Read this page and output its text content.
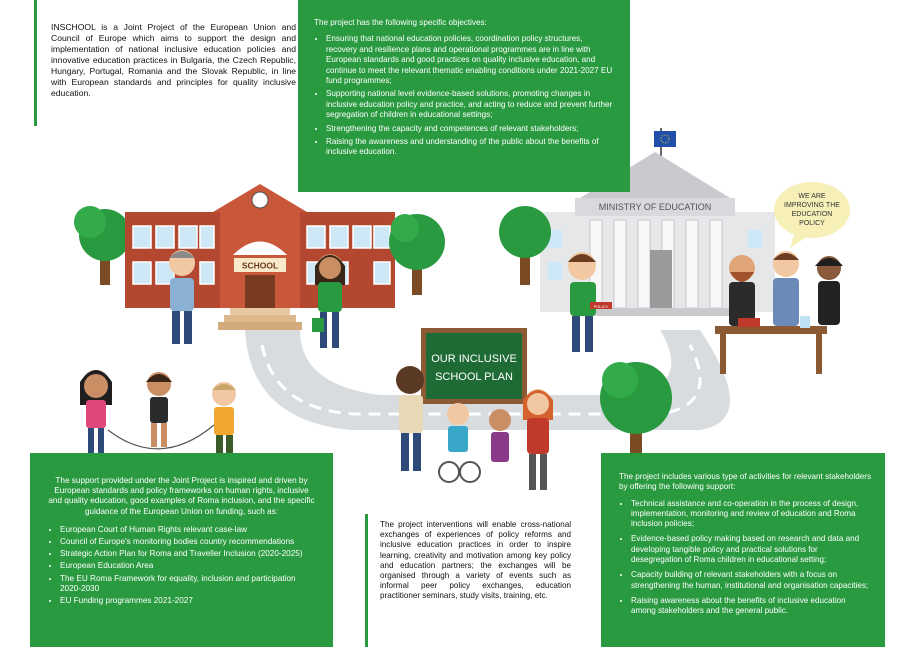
SCHOOL
MINISTRY OF EDUCATION
WE ARE
IMPROVING THE
EDUCATION
POLICY
POLICY
OUR INCLUSIVE
SCHOOL PLAN
INSCHOOL is a Joint Project of the European Union and Council of Europe which aims to support the design and implementation of national inclusive education policies and innovative education practices in Bulgaria, the Czech Republic, Hungary, Portugal, Romania and the Slovak Republic, in line with European standards and principles for quality inclusive education.
The project has the following specific objectives:
• Ensuring that national education policies, coordination policy structures, recovery and resilience plans and operational programmes are in line with European standards and good practices on quality inclusive education, and continue to meet the relevant thematic enabling conditions under 2021-2027 EU fund programmes;
• Supporting national level evidence-based solutions, promoting changes in inclusive education policy and practice, and acting to reduce and prevent further segregation of children in educational settings;
• Strengthening the capacity and competences of relevant stakeholders;
• Raising the awareness and understanding of the public about the benefits of inclusive education.
The support provided under the Joint Project is inspired and driven by European standards and policy frameworks on human rights, inclusive and quality education, good examples of Roma inclusion, and the specific guidance of the European Union on funding, such as:
• European Court of Human Rights relevant case-law
• Council of Europe's monitoring bodies country recommendations
• Strategic Action Plan for Roma and Traveller Inclusion (2020-2025)
• European Education Area
• The EU Roma Framework for equality, inclusion and participation 2020-2030
• EU Funding programmes 2021-2027
The project interventions will enable cross-national exchanges of experiences of policy reforms and inclusive education practices in order to inspire learning, creativity and motivation among key policy and education partners; the exchanges will be organised through a variety of events such as informal peer policy exchanges, education practitioner seminars, study visits, training, etc.
The project includes various type of activities for relevant stakeholders by offering the following support:
• Technical assistance and co-operation in the process of design, implementation, monitoring and review of education and Roma inclusion policies;
• Evidence-based policy making based on research and data and developing tangible policy and practical solutions for desegregation of Roma children in educational setting;
• Capacity building of relevant stakeholders with a focus on strengthening the human, institutional and organisation capacities;
• Raising awareness about the benefits of inclusive education among stakeholders and the general public.
